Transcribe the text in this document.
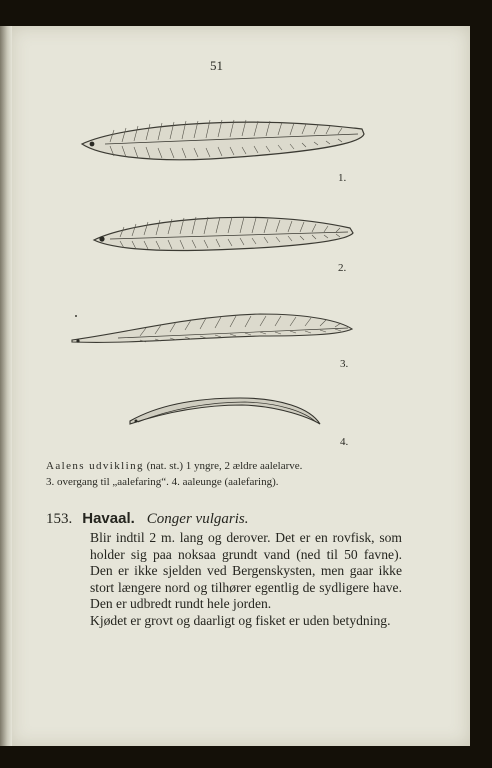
51
1.
2.
3.
4.
Aalens udvikling (nat. st.) 1 yngre, 2 ældre aalelarve.
3. overgang til „aalefaring“. 4. aaleunge (aalefaring).
153. Havaal. Conger vulgaris.

Blir indtil 2 m. lang og derover. Det er en rovfisk, som holder sig paa noksaa grundt vand (ned til 50 favne). Den er ikke sjelden ved Bergenskysten, men gaar ikke stort længere nord og tilhører egentlig de sydligere have. Den er udbredt rundt hele jorden.

Kjødet er grovt og daarligt og fisket er uden betydning.
